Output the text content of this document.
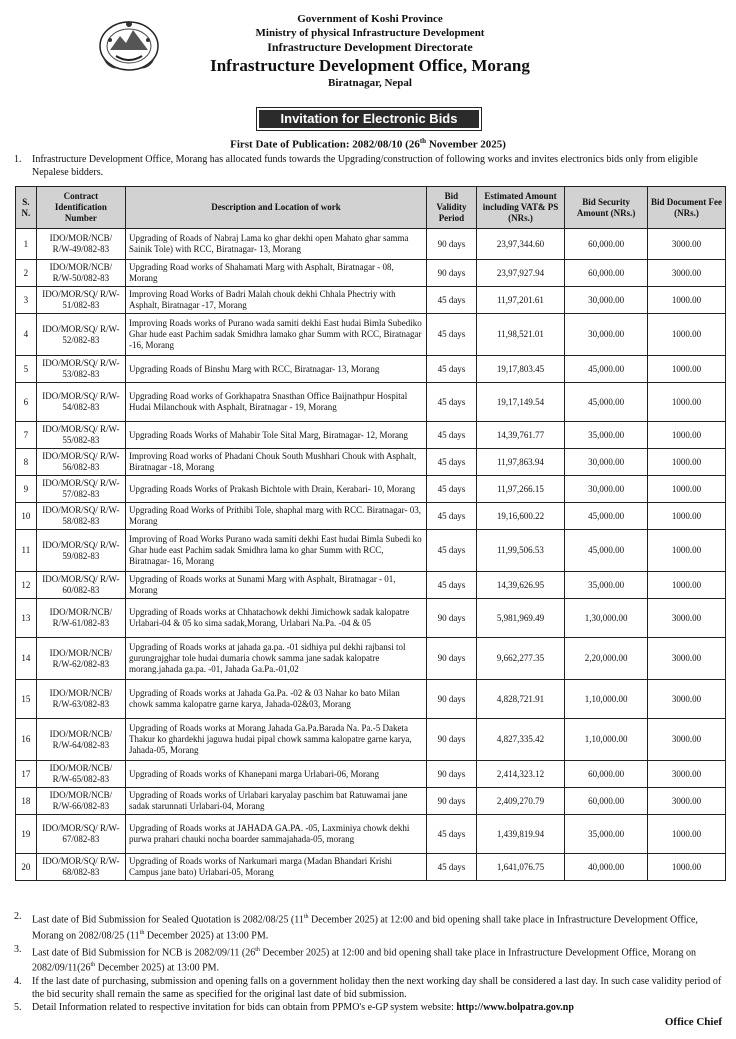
Government of Koshi Province
Ministry of physical Infrastructure Development
Infrastructure Development Directorate
Infrastructure Development Office, Morang
Biratnagar, Nepal
Invitation for Electronic Bids
First Date of Publication: 2082/08/10 (26th November 2025)
1. Infrastructure Development Office, Morang has allocated funds towards the Upgrading/construction of following works and invites electronics bids only from eligible Nepalese bidders.
S. N.	Contract Identification Number	Description and Location of work	Bid Validity Period	Estimated Amount including VAT& PS (NRs.)	Bid Security Amount (NRs.)	Bid Document Fee (NRs.)
1	IDO/MOR/NCB/ R/W-49/082-83	Upgrading of Roads of Nabraj Lama ko ghar dekhi open Mahato ghar samma Sainik Tole) with RCC, Biratnagar- 13, Morang	90 days	23,97,344.60	60,000.00	3000.00
2	IDO/MOR/NCB/ R/W-50/082-83	Upgrading Road works of Shahamati Marg with Asphalt, Biratnagar - 08, Morang	90 days	23,97,927.94	60,000.00	3000.00
3	IDO/MOR/SQ/ R/W-51/082-83	Improving Road Works of Badri Malah chouk dekhi Chhala Phectriy with Asphalt, Biratnagar -17, Morang	45 days	11,97,201.61	30,000.00	1000.00
4	IDO/MOR/SQ/ R/W-52/082-83	Improving Roads works of Purano wada samiti dekhi East hudai Bimla Subediko Ghar hude east Pachim sadak Smidhra lamako ghar Summ with RCC, Biratnagar -16, Morang	45 days	11,98,521.01	30,000.00	1000.00
5	IDO/MOR/SQ/ R/W-53/082-83	Upgrading Roads of Binshu Marg with RCC, Biratnagar- 13, Morang	45 days	19,17,803.45	45,000.00	1000.00
6	IDO/MOR/SQ/ R/W-54/082-83	Upgrading Road works of Gorkhapatra Snasthan Office Baijnathpur Hospital Hudai Milanchouk with Asphalt, Biratnagar - 19, Morang	45 days	19,17,149.54	45,000.00	1000.00
7	IDO/MOR/SQ/ R/W-55/082-83	Upgrading Roads Works of Mahabir Tole Sital Marg, Biratnagar- 12, Morang	45 days	14,39,761.77	35,000.00	1000.00
8	IDO/MOR/SQ/ R/W-56/082-83	Improving Road works of Phadani Chouk South Mushhari Chouk with Asphalt, Biratnagar -18, Morang	45 days	11,97,863.94	30,000.00	1000.00
9	IDO/MOR/SQ/ R/W-57/082-83	Upgrading Roads Works of Prakash Bichtole with Drain, Kerabari- 10, Morang	45 days	11,97,266.15	30,000.00	1000.00
10	IDO/MOR/SQ/ R/W-58/082-83	Upgrading Road Works of Prithibi Tole, shaphal marg with RCC. Biratnagar- 03, Morang	45 days	19,16,600.22	45,000.00	1000.00
11	IDO/MOR/SQ/ R/W-59/082-83	Improving of Road Works Purano wada samiti dekhi East hudai Bimla Subedi ko Ghar hude east Pachim sadak Smidhra lama ko ghar Summ with RCC, Biratnagar- 16, Morang	45 days	11,99,506.53	45,000.00	1000.00
12	IDO/MOR/SQ/ R/W-60/082-83	Upgrading of Roads works at Sunami Marg with Asphalt, Biratnagar - 01, Morang	45 days	14,39,626.95	35,000.00	1000.00
13	IDO/MOR/NCB/ R/W-61/082-83	Upgrading of Roads works at Chhatachowk dekhi Jimichowk sadak kalopatre Urlabari-04 & 05 ko sima sadak,Morang, Urlabari Na.Pa. -04 & 05	90 days	5,981,969.49	1,30,000.00	3000.00
14	IDO/MOR/NCB/ R/W-62/082-83	Upgrading of Roads works at jahada ga.pa. -01 sidhiya pul dekhi rajbansi tol gurungrajghar tole hudai dumaria chowk samma jane sadak kalopatre morang.jahada ga.pa. -01, Jahada Ga.Pa.-01,02	90 days	9,662,277.35	2,20,000.00	3000.00
15	IDO/MOR/NCB/ R/W-63/082-83	Upgrading of Roads works at Jahada Ga.Pa. -02 & 03 Nahar ko bato Milan chowk samma kalopatre garne karya, Jahada-02&03, Morang	90 days	4,828,721.91	1,10,000.00	3000.00
16	IDO/MOR/NCB/ R/W-64/082-83	Upgrading of Roads works at Morang Jahada Ga.Pa.Barada Na. Pa.-5 Daketa Thakur ko ghardekhi jaguwa hudai pipal chowk samma kalopatre garne karya, Jahada-05, Morang	90 days	4,827,335.42	1,10,000.00	3000.00
17	IDO/MOR/NCB/ R/W-65/082-83	Upgrading of Roads works of Khanepani marga Urlabari-06, Morang	90 days	2,414,323.12	60,000.00	3000.00
18	IDO/MOR/NCB/ R/W-66/082-83	Upgrading of Roads works of Urlabari karyalay paschim bat Ratuwamai jane sadak starunnati Urlabari-04, Morang	90 days	2,409,270.79	60,000.00	3000.00
19	IDO/MOR/SQ/ R/W-67/082-83	Upgrading of Roads works at JAHADA GA.PA. -05, Laxminiya chowk dekhi purwa prahari chauki nocha boarder sammajahada-05, morang	45 days	1,439,819.94	35,000.00	1000.00
20	IDO/MOR/SQ/ R/W-68/082-83	Upgrading of Roads works of Narkumari marga (Madan Bhandari Krishi Campus jane bato) Urlabari-05, Morang	45 days	1,641,076.75	40,000.00	1000.00
2. Last date of Bid Submission for Sealed Quotation is 2082/08/25 (11th December 2025) at 12:00 and bid opening shall take place in Infrastructure Development Office, Morang on 2082/08/25 (11th December 2025) at 13:00 PM.
3. Last date of Bid Submission for NCB is 2082/09/11 (26th December 2025) at 12:00 and bid opening shall take place in Infrastructure Development Office, Morang on 2082/09/11(26th December 2025) at 13:00 PM.
4. If the last date of purchasing, submission and opening falls on a government holiday then the next working day shall be considered a last day. In such case validity period of the bid security shall remain the same as specified for the original last date of bid submission.
5. Detail Information related to respective invitation for bids can obtain from PPMO's e-GP system website: http://www.bolpatra.gov.np
Office Chief
